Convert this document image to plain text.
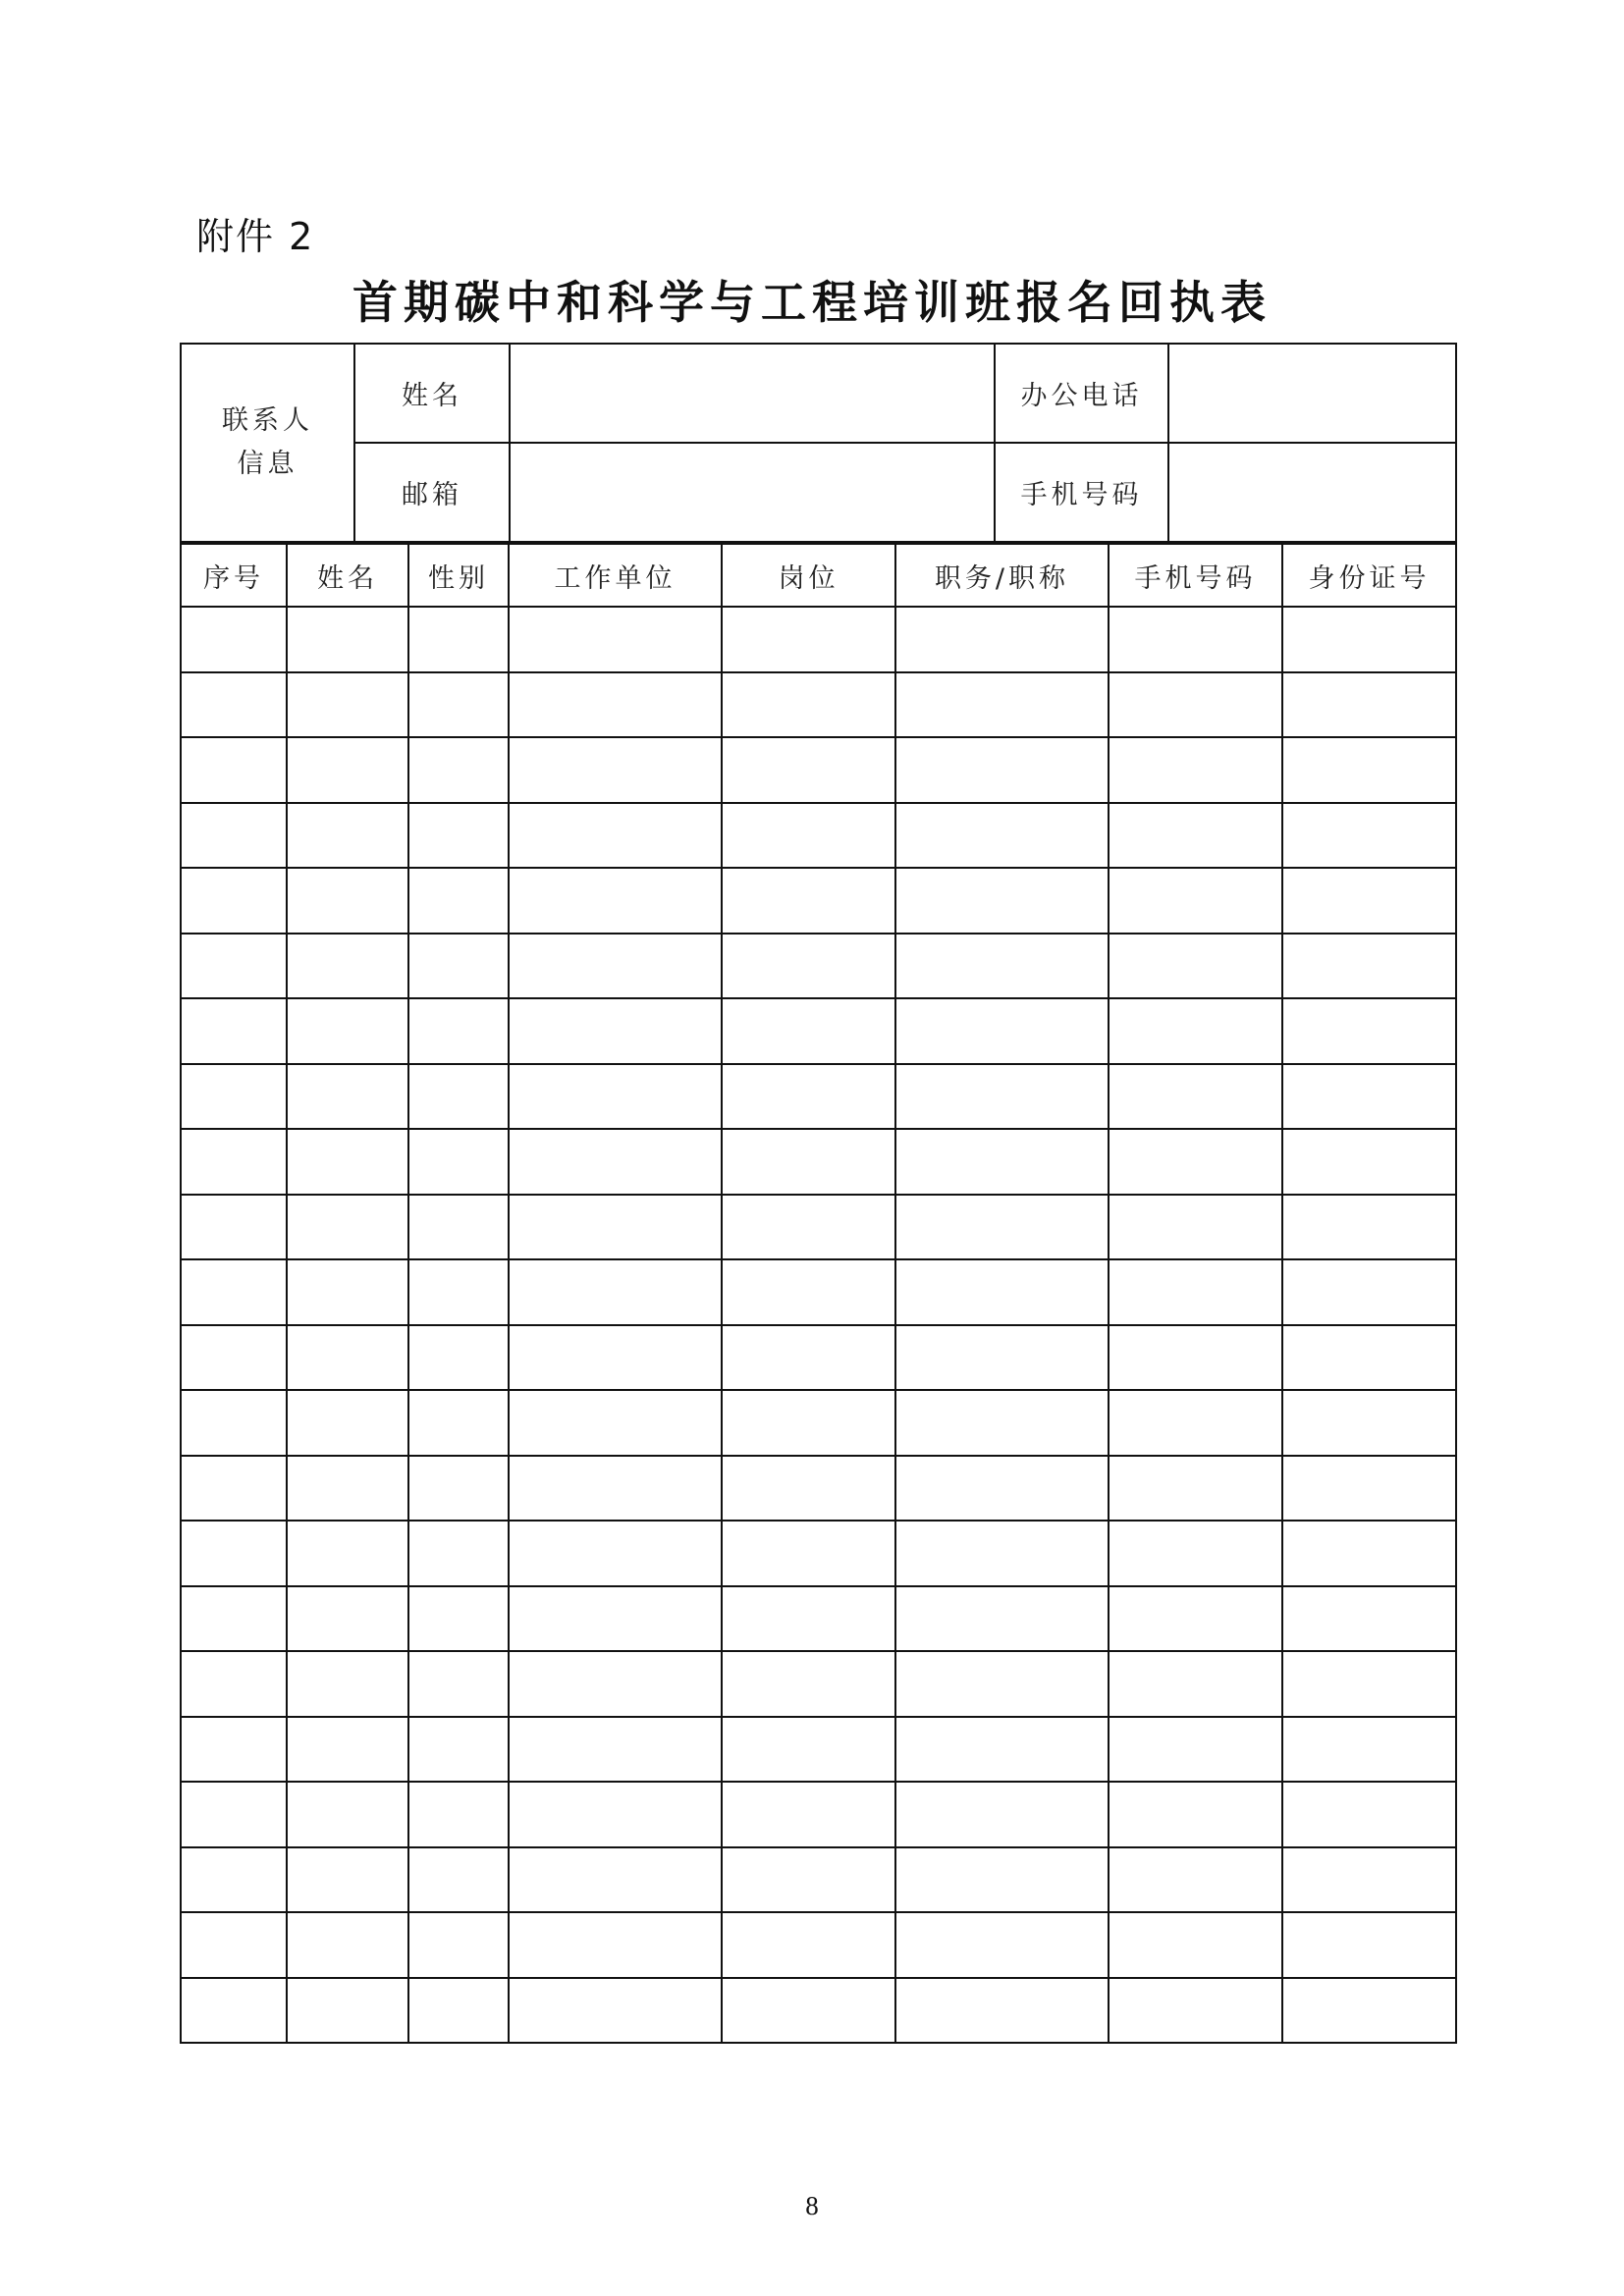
附件 2
首期碳中和科学与工程培训班报名回执表
联系人
信息	姓名		办公电话	
	邮箱		手机号码	
序号	姓名	性别	工作单位	岗位	职务/职称	手机号码	身份证号

8
